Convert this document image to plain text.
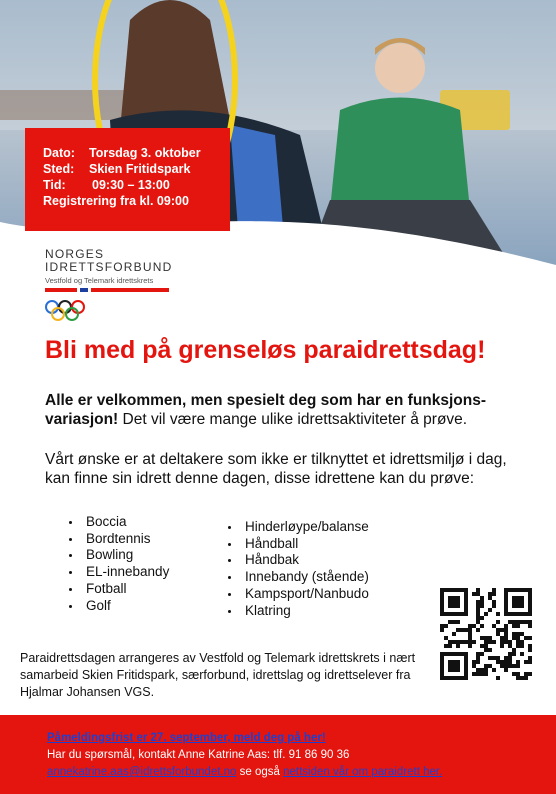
Dato:	Torsdag 3. oktober
Sted:	Skien Fritidspark
Tid:	09:30 – 13:00
Registrering fra kl. 09:00
NORGES
IDRETTSFORBUND
Vestfold og Telemark idrettskrets
Bli med på grenseløs paraidrettsdag!

Alle er velkommen, men spesielt deg som har en funksjons-variasjon! Det vil være mange ulike idrettsaktiviteter å prøve.

Vårt ønske er at deltakere som ikke er tilknyttet et idrettsmiljø i dag, kan finne sin idrett denne dagen, disse idrettene kan du prøve:

Boccia
Bordtennis
Bowling
EL-innebandy
Fotball
Golf
Hinderløype/balanse
Håndball
Håndbak
Innebandy (stående)
Kampsport/Nanbudo
Klatring

Paraidrettsdagen arrangeres av Vestfold og Telemark idrettskrets i nært samarbeid Skien Fritidspark, særforbund, idrettslag og idrettselever fra Hjalmar Johansen VGS.

Påmeldingsfrist er 27. september, meld deg på her!
Har du spørsmål, kontakt Anne Katrine Aas: tlf. 91 86 90 36
annekatrine.aas@idrettsforbundet.no se også nettsiden vår om paraidrett her.
